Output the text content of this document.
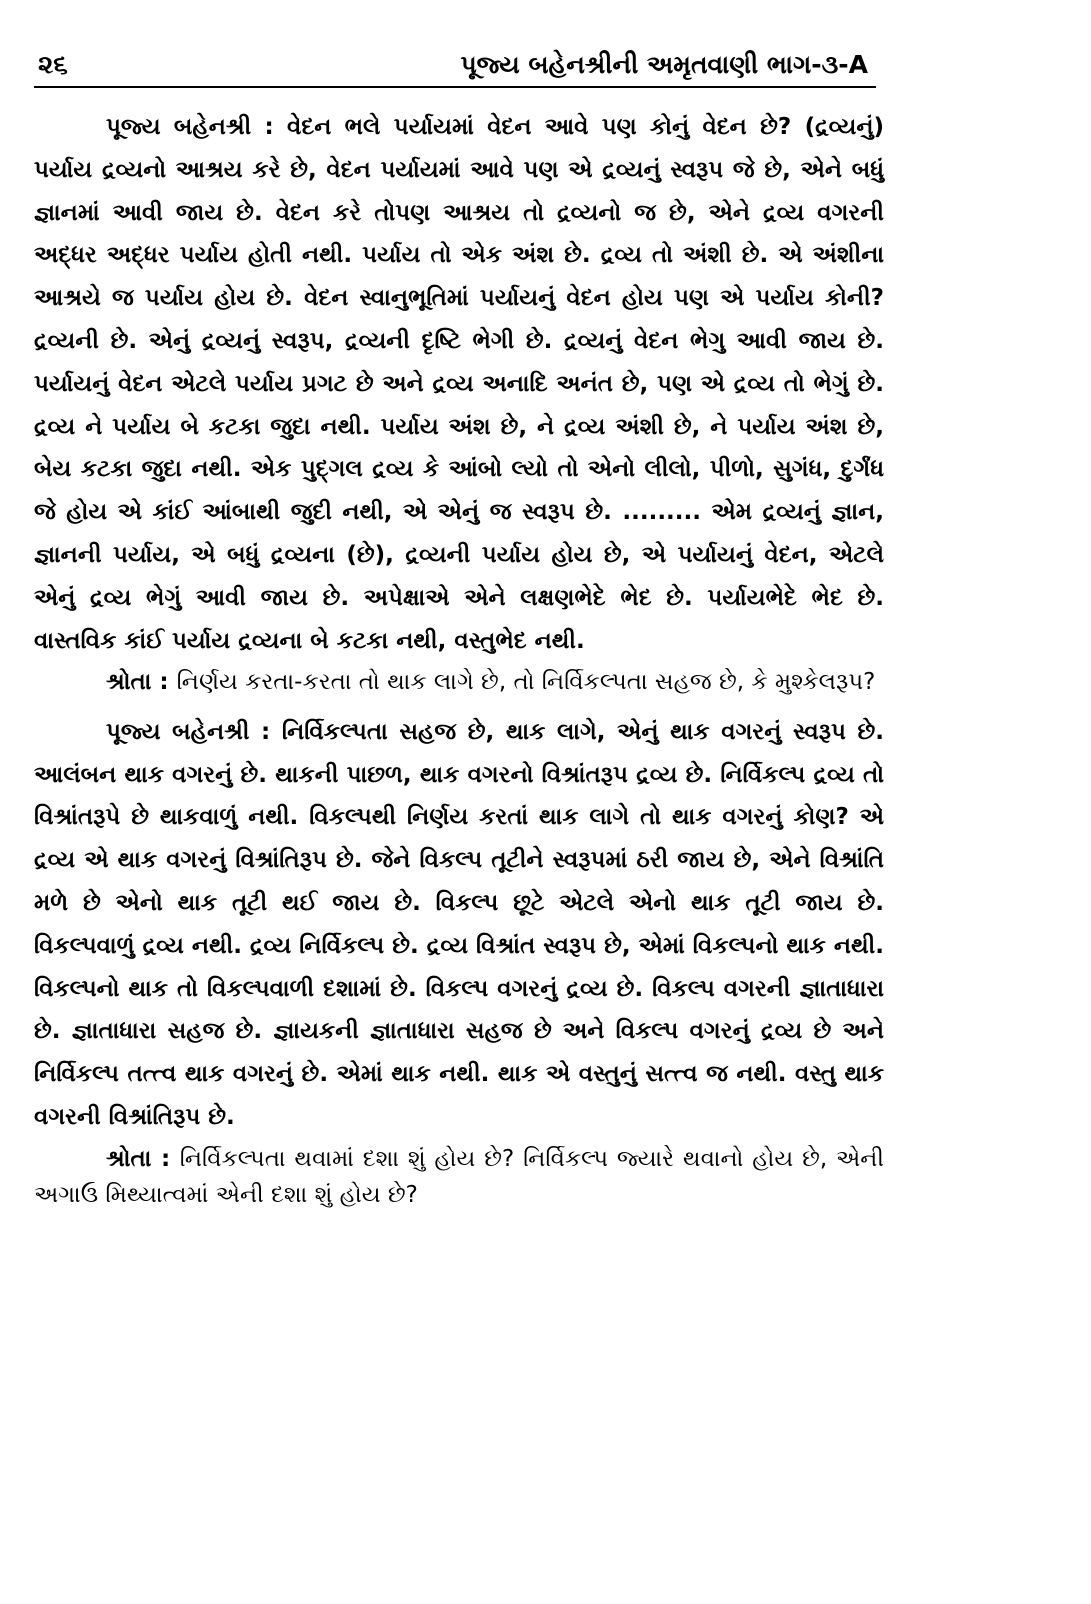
૨૬	પૂજ્ય બહેનશ્રીની અમૃતવાણી ભાગ-૩-A

પૂજ્ય બહેનશ્રી : વેદન ભલે પર્યાયમાં વેદન આવે પણ કોનું વેદન છે? (દ્રવ્યનું) પર્યાય દ્રવ્યનો આશ્રય કરે છે, વેદન પર્યાયમાં આવે પણ એ દ્રવ્યનું સ્વરૂપ જે છે, એને બધું જ્ઞાનમાં આવી જાય છે. વેદન કરે તોપણ આશ્રય તો દ્રવ્યનો જ છે, એને દ્રવ્ય વગરની અદ્ધર અદ્ધર પર્યાય હોતી નથી. પર્યાય તો એક અંશ છે. દ્રવ્ય તો અંશી છે. એ અંશીના આશ્રયે જ પર્યાય હોય છે. વેદન સ્વાનુભૂતિમાં પર્યાયનું વેદન હોય પણ એ પર્યાય કોની? દ્રવ્યની છે. એનું દ્રવ્યનું સ્વરૂપ, દ્રવ્યની દૃષ્ટિ ભેગી છે. દ્રવ્યનું વેદન ભેગુ આવી જાય છે. પર્યાયનું વેદન એટલે પર્યાય પ્રગટ છે અને દ્રવ્ય અનાદિ અનંત છે, પણ એ દ્રવ્ય તો ભેગું છે. દ્રવ્ય ને પર્યાય બે કટકા જુદા નથી. પર્યાય અંશ છે, ને દ્રવ્ય અંશી છે, ને પર્યાય અંશ છે, બેય કટકા જુદા નથી. એક પુદ્ગલ દ્રવ્ય કે આંબો લ્યો તો એનો લીલો, પીળો, સુગંધ, દુર્ગંધ જે હોય એ કાંઈ આંબાથી જુદી નથી, એ એનું જ સ્વરૂપ છે. ......... એમ દ્રવ્યનું જ્ઞાન, જ્ઞાનની પર્યાય, એ બધું દ્રવ્યના (છે), દ્રવ્યની પર્યાય હોય છે, એ પર્યાયનું વેદન, એટલે એનું દ્રવ્ય ભેગું આવી જાય છે. અપેક્ષાએ એને લક્ષણભેદે ભેદ છે. પર્યાયભેદે ભેદ છે. વાસ્તવિક કાંઈ પર્યાય દ્રવ્યના બે કટકા નથી, વસ્તુભેદ નથી.

શ્રોતા : નિર્ણય કરતા-કરતા તો થાક લાગે છે, તો નિર્વિકલ્પતા સહજ છે, કે મુશ્કેલરૂપ?

પૂજ્ય બહેનશ્રી : નિર્વિકલ્પતા સહજ છે, થાક લાગે, એનું થાક વગરનું સ્વરૂપ છે. આલંબન થાક વગરનું છે. થાકની પાછળ, થાક વગરનો વિશ્રાંતરૂપ દ્રવ્ય છે. નિર્વિકલ્પ દ્રવ્ય તો વિશ્રાંતરૂપે છે થાકવાળું નથી. વિકલ્પથી નિર્ણય કરતાં થાક લાગે તો થાક વગરનું કોણ? એ દ્રવ્ય એ થાક વગરનું વિશ્રાંતિરૂપ છે. જેને વિકલ્પ તૂટીને સ્વરૂપમાં ઠરી જાય છે, એને વિશ્રાંતિ મળે છે એનો થાક તૂટી થઈ જાય છે. વિકલ્પ છૂટે એટલે એનો થાક તૂટી જાય છે. વિકલ્પવાળું દ્રવ્ય નથી. દ્રવ્ય નિર્વિકલ્પ છે. દ્રવ્ય વિશ્રાંત સ્વરૂપ છે, એમાં વિકલ્પનો થાક નથી. વિકલ્પનો થાક તો વિકલ્પવાળી દશામાં છે. વિકલ્પ વગરનું દ્રવ્ય છે. વિકલ્પ વગરની જ્ઞાતાધારા છે. જ્ઞાતાધારા સહજ છે. જ્ઞાયકની જ્ઞાતાધારા સહજ છે અને વિકલ્પ વગરનું દ્રવ્ય છે અને નિર્વિકલ્પ તત્ત્વ થાક વગરનું છે. એમાં થાક નથી. થાક એ વસ્તુનું સત્ત્વ જ નથી. વસ્તુ થાક વગરની વિશ્રાંતિરૂપ છે.

શ્રોતા : નિર્વિકલ્પતા થવામાં દશા શું હોય છે? નિર્વિકલ્પ જ્યારે થવાનો હોય છે, એની અગાઉ મિથ્યાત્વમાં એની દશા શું હોય છે?
